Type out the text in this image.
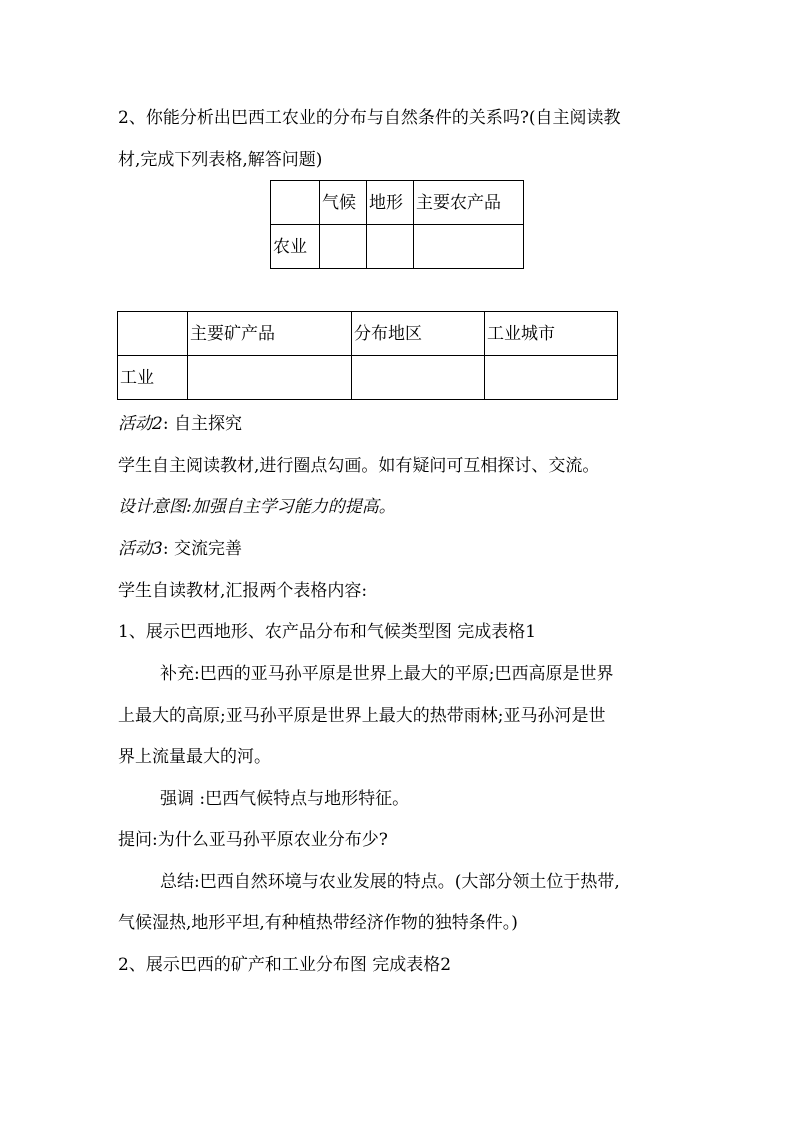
2、你能分析出巴西工农业的分布与自然条件的关系吗?(自主阅读教
材,完成下列表格,解答问题)
	气候	地形	主要农产品
农业			
	主要矿产品	分布地区	工业城市
工业			
活动2: 自主探究
学生自主阅读教材,进行圈点勾画。如有疑问可互相探讨、交流。
设计意图:加强自主学习能力的提高。
活动3: 交流完善
学生自读教材,汇报两个表格内容:
1、展示巴西地形、农产品分布和气候类型图 完成表格1
补充:巴西的亚马孙平原是世界上最大的平原;巴西高原是世界
上最大的高原;亚马孙平原是世界上最大的热带雨林;亚马孙河是世
界上流量最大的河。
强调 :巴西气候特点与地形特征。
提问:为什么亚马孙平原农业分布少?
总结:巴西自然环境与农业发展的特点。(大部分领土位于热带,
气候湿热,地形平坦,有种植热带经济作物的独特条件。)
2、展示巴西的矿产和工业分布图 完成表格2
